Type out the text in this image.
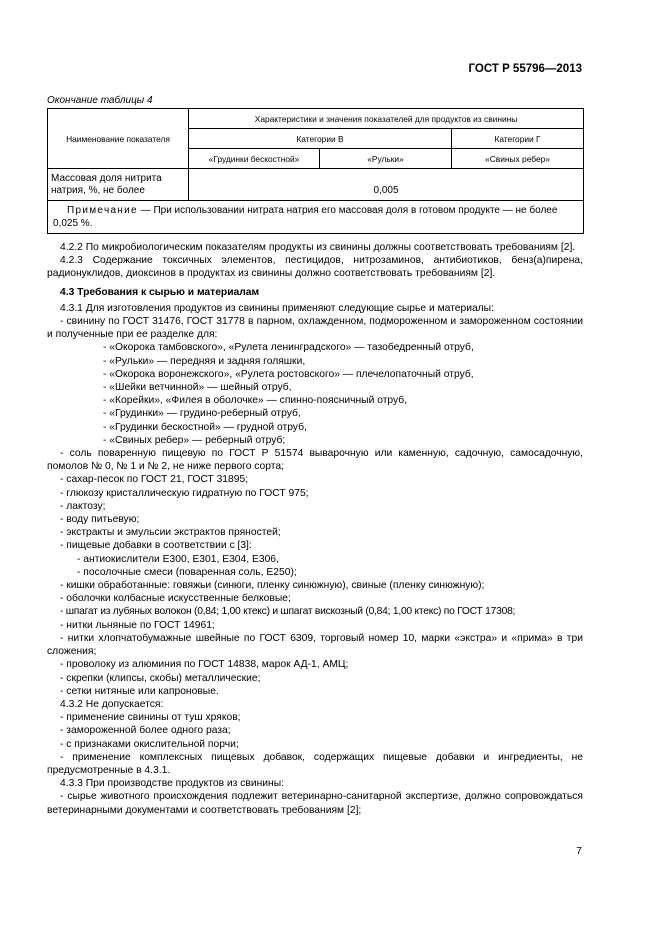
ГОСТ Р 55796—2013
Окончание таблицы 4
Наименование показателя	Характеристики и значения показателей для продуктов из свинины		
	Категории В		Категории Г
	«Грудинки бескостной»	«Рульки»	«Свиных ребер»
Массовая доля нитрита натрия, %, не более	0,005		
Примечание — При использовании нитрата натрия его массовая доля в готовом продукте — не более 0,025 %.			

4.2.2 По микробиологическим показателям продукты из свинины должны соответствовать требованиям [2].

4.2.3 Содержание токсичных элементов, пестицидов, нитрозаминов, антибиотиков, бенз(а)пирена, радионуклидов, диоксинов в продуктах из свинины должно соответствовать требованиям [2].

4.3 Требования к сырью и материалам

4.3.1 Для изготовления продуктов из свинины применяют следующие сырье и материалы:

- свинину по ГОСТ 31476, ГОСТ 31778 в парном, охлажденном, подмороженном и замороженном состоянии и полученные при ее разделке для:

- «Окорока тамбовского», «Рулета ленинградского» — тазобедренный отруб,

- «Рульки» — передняя и задняя голяшки,

- «Окорока воронежского», «Рулета ростовского» — плечелопаточный отруб,

- «Шейки ветчинной» — шейный отруб,

- «Корейки», «Филея в оболочке» — спинно-поясничный отруб,

- «Грудинки» — грудино-реберный отруб,

- «Грудинки бескостной» — грудной отруб,

- «Свиных ребер» — реберный отруб;

- соль поваренную пищевую по ГОСТ Р 51574 выварочную или каменную, садочную, самосадочную, помолов № 0, № 1 и № 2, не ниже первого сорта;

- сахар-песок по ГОСТ 21, ГОСТ 31895;

- глюкозу кристаллическую гидратную по ГОСТ 975;

- лактозу;

- воду питьевую;

- экстракты и эмульсии экстрактов пряностей;

- пищевые добавки в соответствии с [3]:

- антиокислители Е300, Е301, Е304, Е306,

- посолочные смеси (поваренная соль, Е250);

- кишки обработанные: говяжьи (синюги, пленку синюжную), свиные (пленку синюжную);

- оболочки колбасные искусственные белковые;

- шпагат из лубяных волокон (0,84; 1,00 ктекс) и шпагат вискозный (0,84; 1,00 ктекс) по ГОСТ 17308;

- нитки льняные по ГОСТ 14961;

- нитки хлопчатобумажные швейные по ГОСТ 6309, торговый номер 10, марки «экстра» и «прима» в три сложения;

- проволоку из алюминия по ГОСТ 14838, марок АД-1, АМЦ;

- скрепки (клипсы, скобы) металлические;

- сетки нитяные или капроновые.

4.3.2 Не допускается:

- применение свинины от туш хряков;

- замороженной более одного раза;

- с признаками окислительной порчи;

- применение комплексных пищевых добавок, содержащих пищевые добавки и ингредиенты, не предусмотренные в 4.3.1.

4.3.3 При производстве продуктов из свинины:

- сырье животного происхождения подлежит ветеринарно-санитарной экспертизе, должно сопровождаться ветеринарными документами и соответствовать требованиям [2];

7
